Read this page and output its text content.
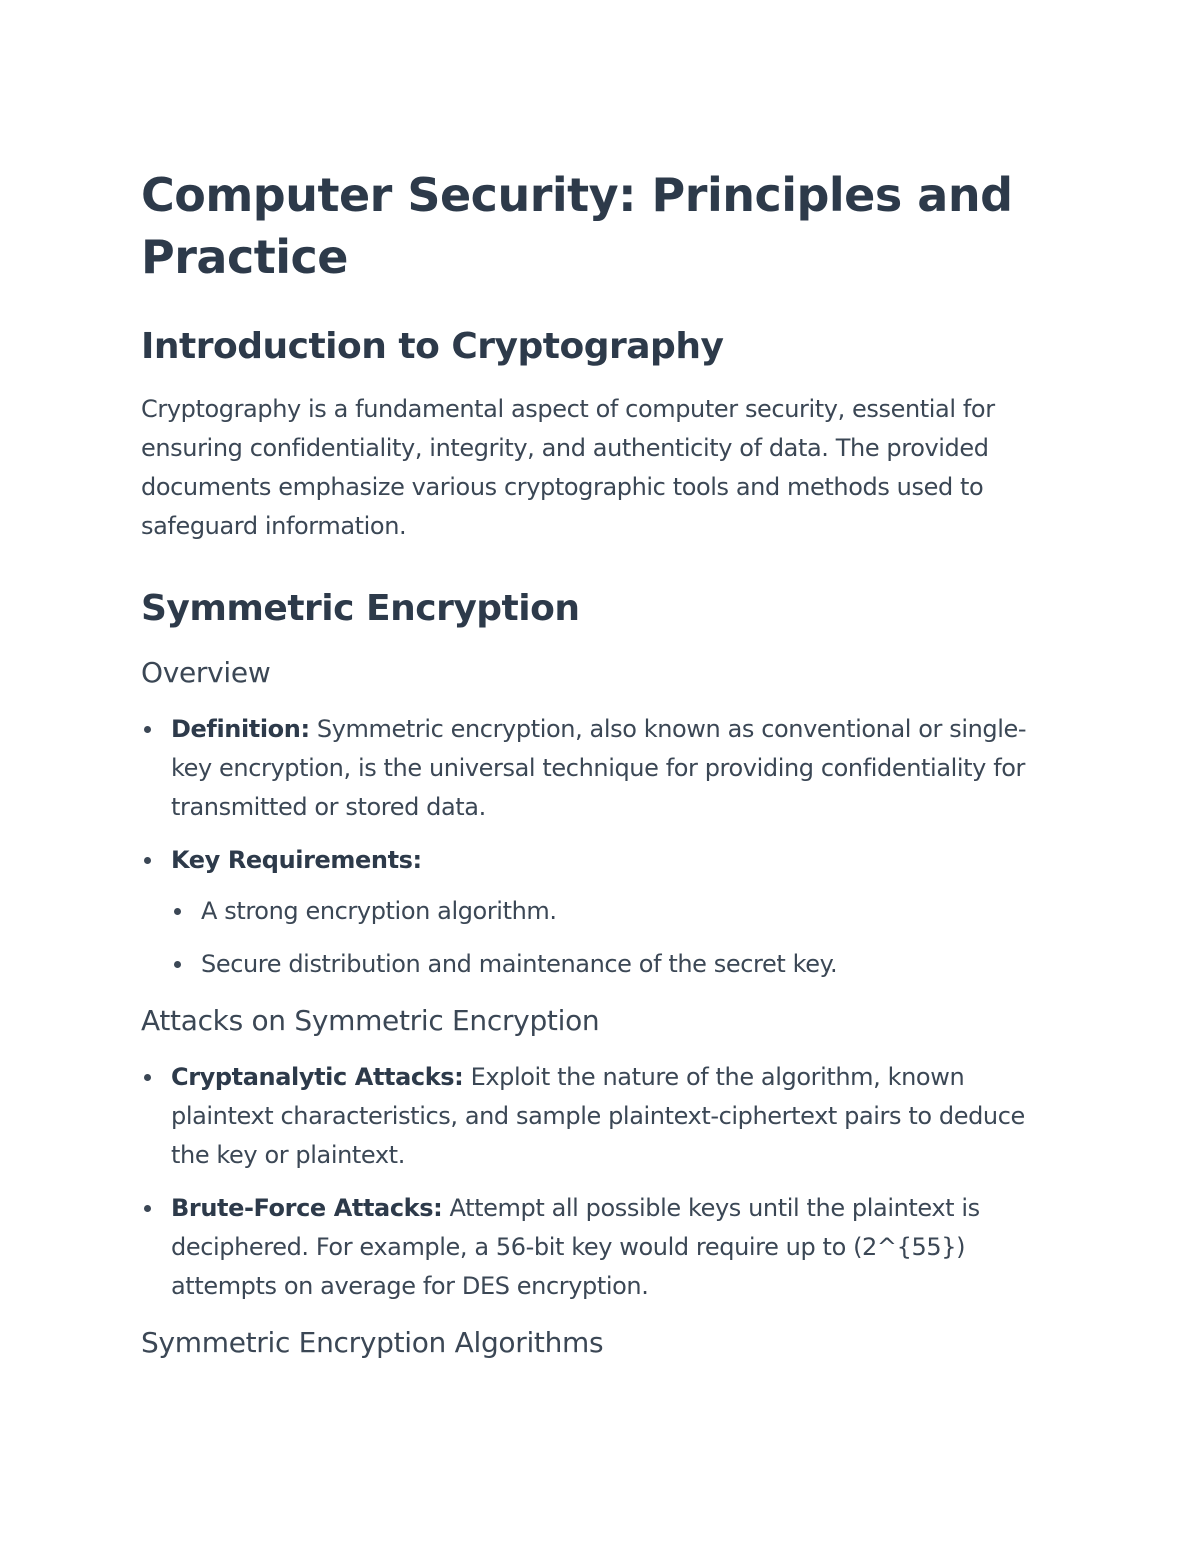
Computer Security: Principles and Practice
Introduction to Cryptography

Cryptography is a fundamental aspect of computer security, essential for ensuring confidentiality, integrity, and authenticity of data. The provided documents emphasize various cryptographic tools and methods used to safeguard information.

Symmetric Encryption
Overview
Definition: Symmetric encryption, also known as conventional or single-key encryption, is the universal technique for providing confidentiality for transmitted or stored data.
Key Requirements:
A strong encryption algorithm.
Secure distribution and maintenance of the secret key.
Attacks on Symmetric Encryption
Cryptanalytic Attacks: Exploit the nature of the algorithm, known plaintext characteristics, and sample plaintext-ciphertext pairs to deduce the key or plaintext.
Brute-Force Attacks: Attempt all possible keys until the plaintext is deciphered. For example, a 56-bit key would require up to (2^{55}) attempts on average for DES encryption.
Symmetric Encryption Algorithms
